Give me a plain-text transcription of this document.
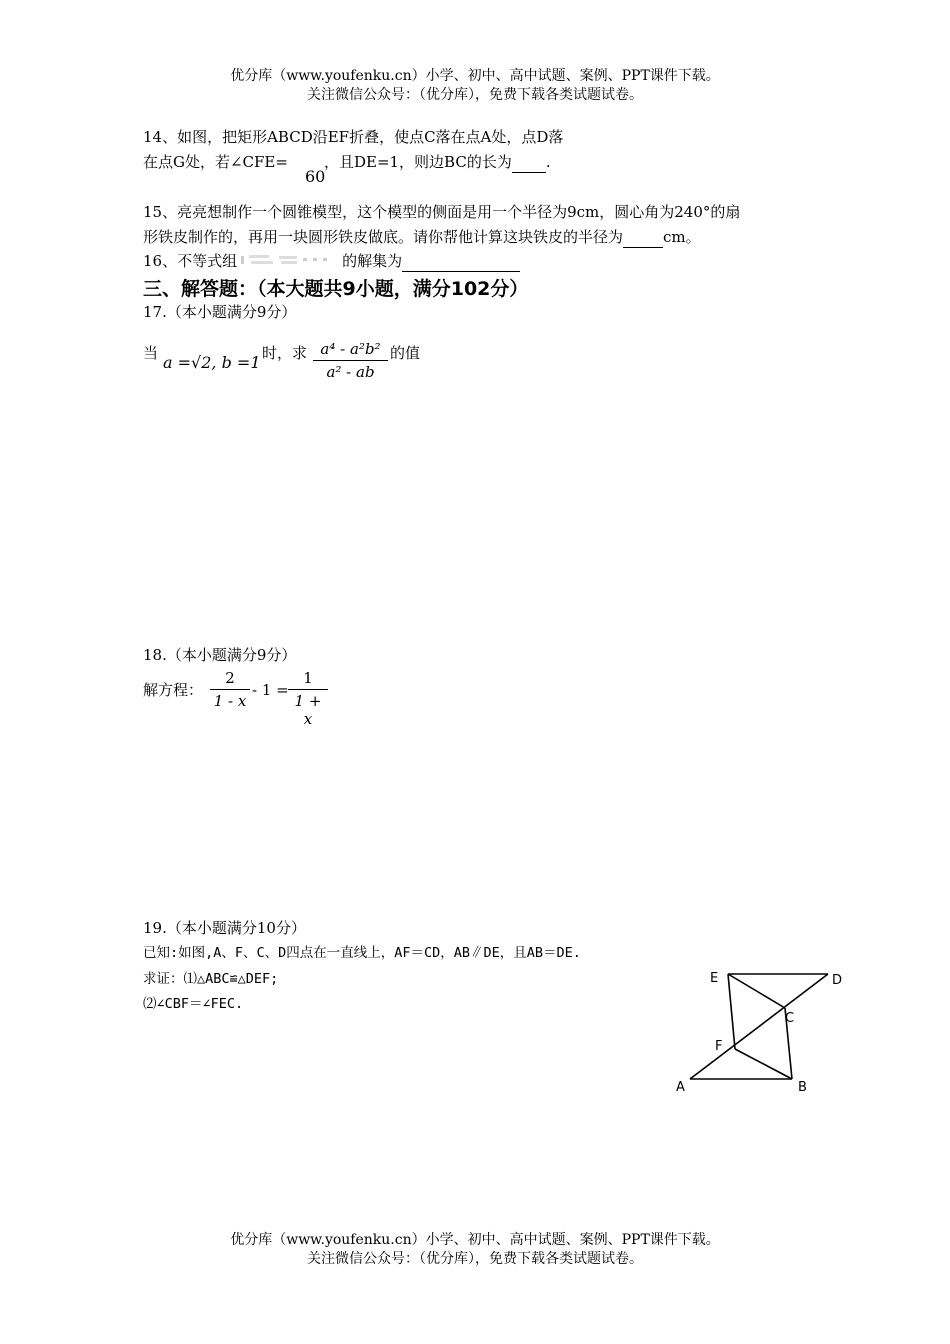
优分库（www.youfenku.cn）小学、初中、高中试题、案例、PPT课件下载。
关注微信公众号：（优分库），免费下载各类试题试卷。
14、如图，把矩形ABCD沿EF折叠，使点C落在点A处，点D落
在点G处，若∠CFE= ，且DE=1，则边BC的长为 .
60
15、亮亮想制作一个圆锥模型，这个模型的侧面是用一个半径为9cm，圆心角为240°的扇
形铁皮制作的，再用一块圆形铁皮做底。请你帮他计算这块铁皮的半径为	cm。
16、不等式组	的解集为
三、解答题：（本大题共9小题，满分102分）
17.（本小题满分9分）
当 a =√2, b =1 时，求 a⁴ - a²b²
a² - ab
的值
18.（本小题满分9分）
解方程：
2
1 - x
- 1 =
1
1 + x
19.（本小题满分10分）
已知:如图,A、F、C、D四点在一直线上，AF＝CD，AB∥DE，且AB＝DE.
求证：⑴△ABC≌△DEF;
⑵∠CBF＝∠FEC.
E	D
C
F
A	B
优分库（www.youfenku.cn）小学、初中、高中试题、案例、PPT课件下载。
关注微信公众号：（优分库），免费下载各类试题试卷。
